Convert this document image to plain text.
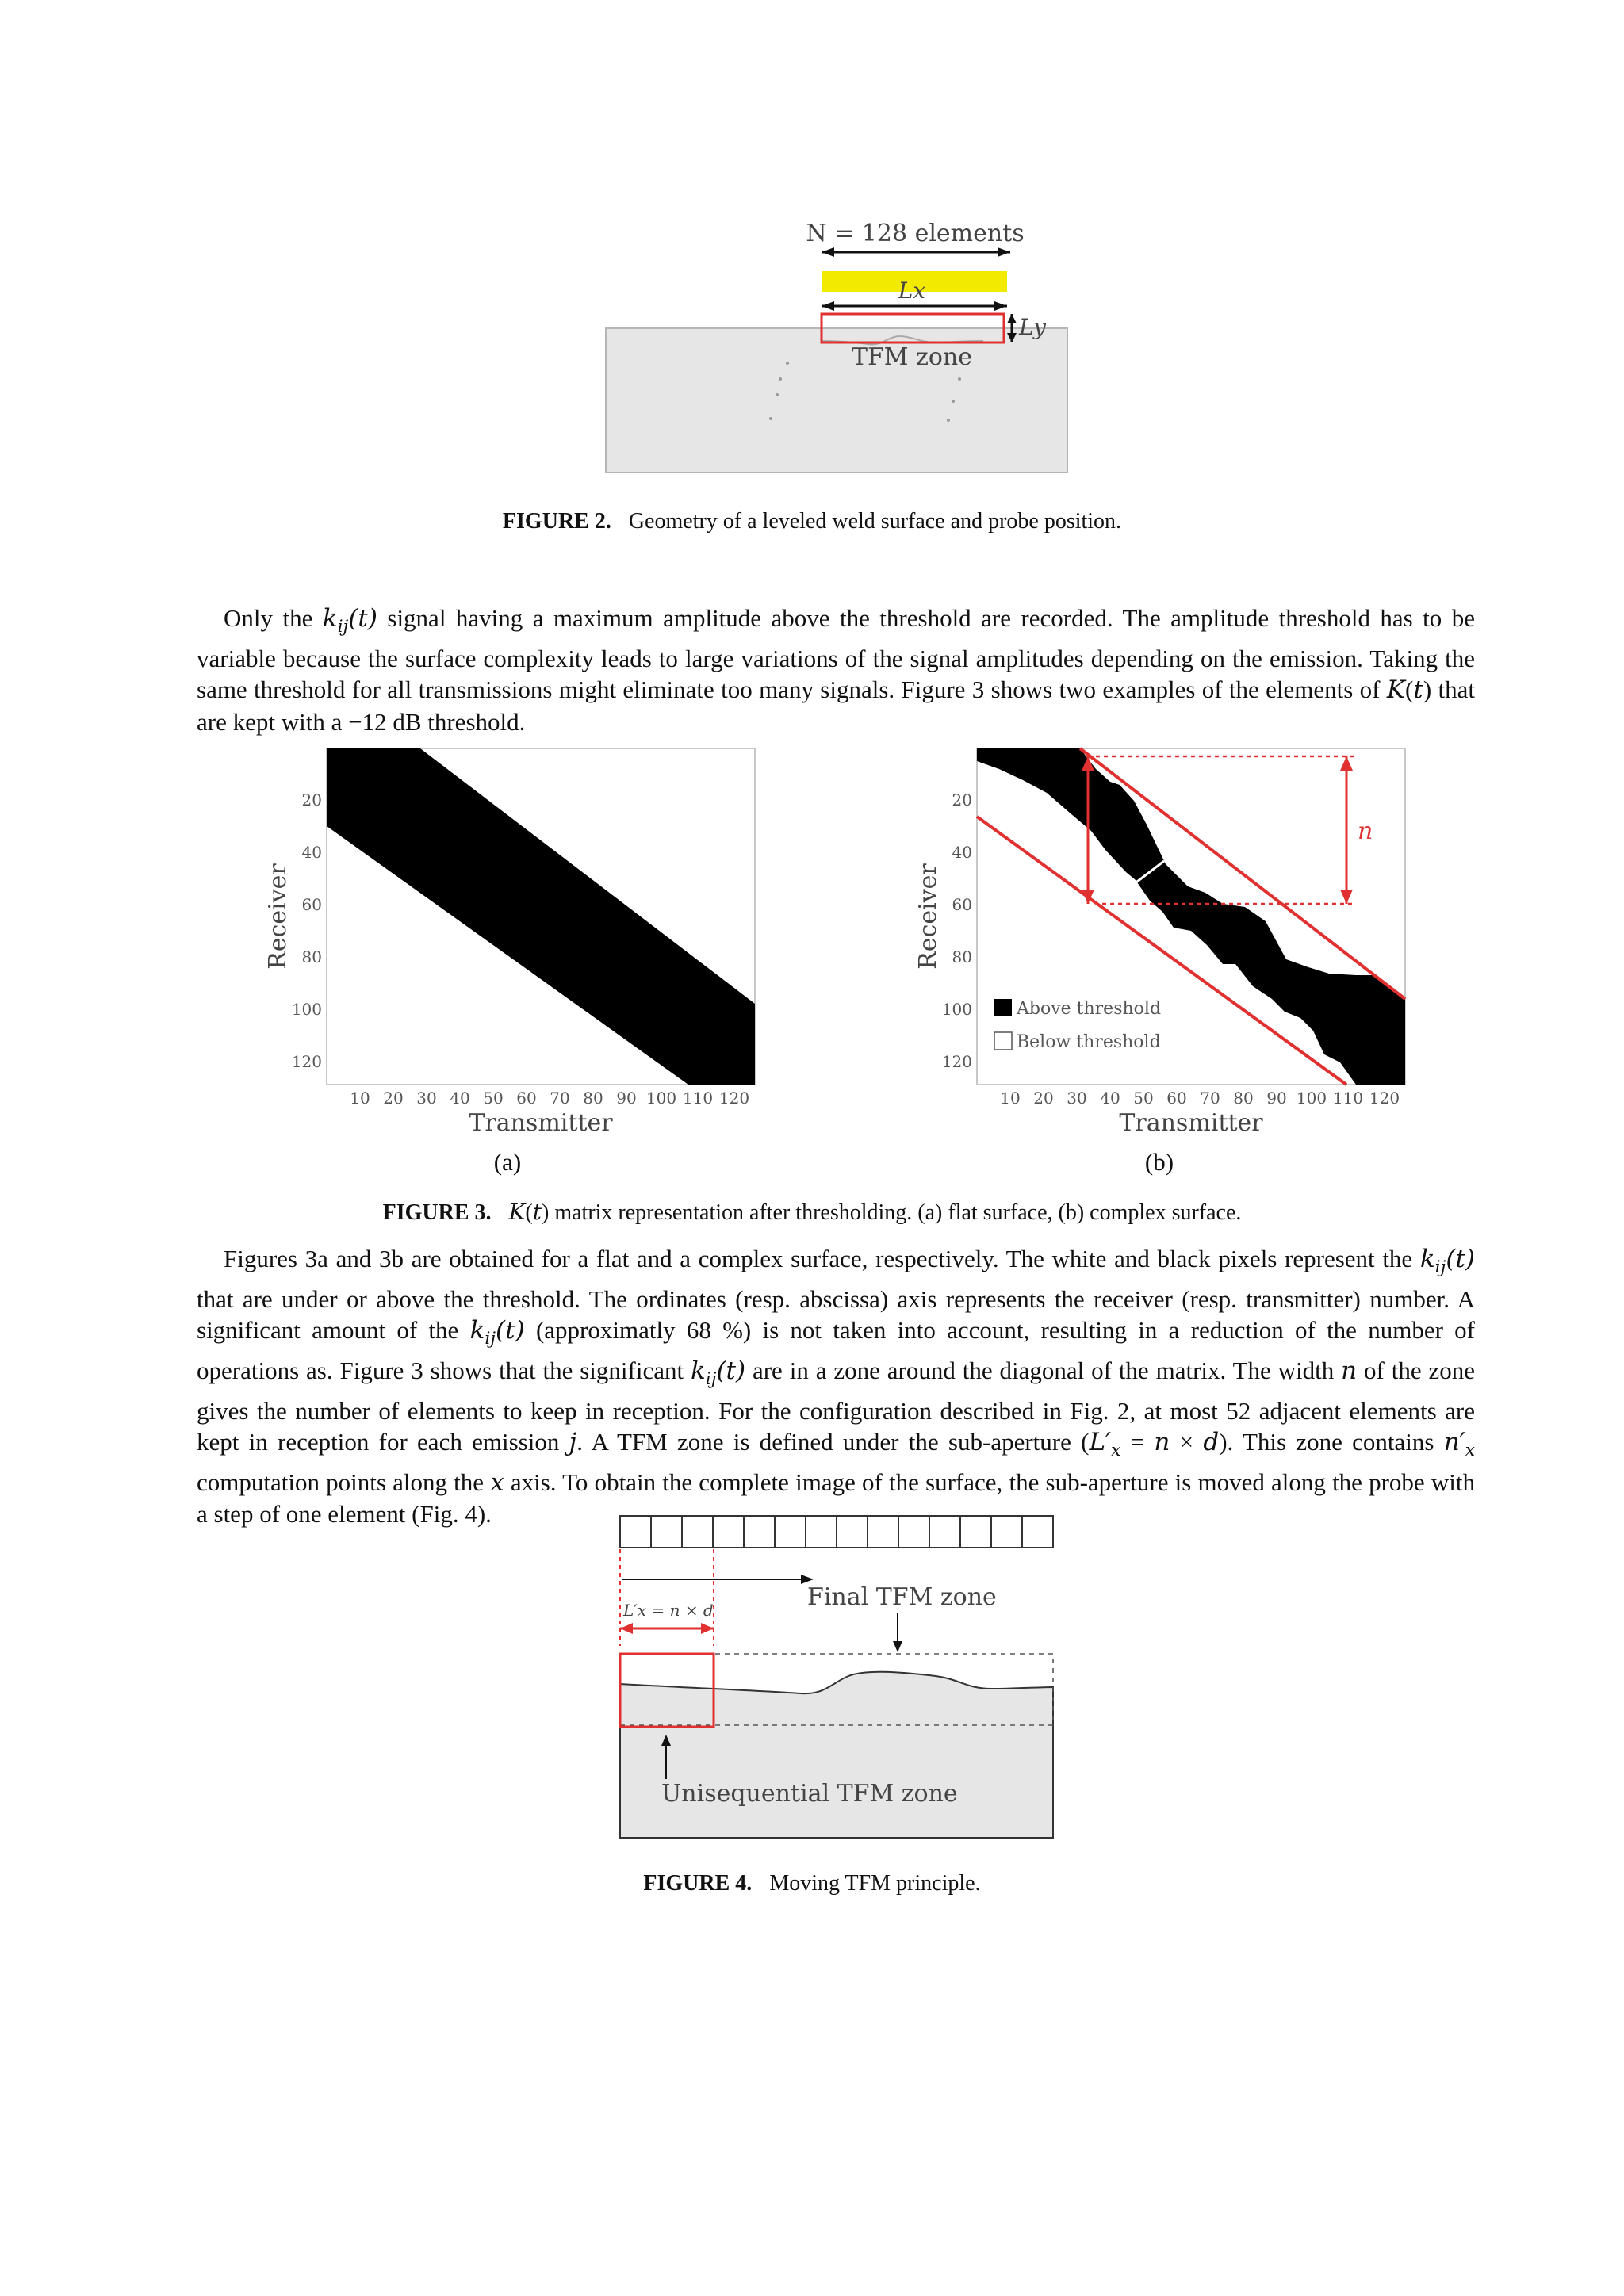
N = 128 elements
Lx
Ly
TFM zone
FIGURE 2. Geometry of a leveled weld surface and probe position.

Only the $k_{ij}(t)$ signal having a maximum amplitude above the threshold are recorded. The amplitude threshold has to be variable because the surface complexity leads to large variations of the signal amplitudes depending on the emission. Taking the same threshold for all transmissions might eliminate too many signals. Figure 3 shows two examples of the elements of K(t) that are kept with a −12 dB threshold.

20
40
60
80
100
120
10 20 30 40 50 60 70 80 90 100 110 120
Transmitter
Receiver
n
Above threshold
Below threshold
20
40
60
80
100
120
10 20 30 40 50 60 70 80 90 100 110 120
Transmitter
Receiver
(a)	(b)
FIGURE 3. K(t) matrix representation after thresholding. (a) flat surface, (b) complex surface.

Figures 3a and 3b are obtained for a flat and a complex surface, respectively. The white and black pixels represent the $k_{ij}(t)$ that are under or above the threshold. The ordinates (resp. abscissa) axis represents the receiver (resp. transmitter) number. A significant amount of the $k_{ij}(t)$ (approximatly 68 %) is not taken into account, resulting in a reduction of the number of operations as. Figure 3 shows that the significant $k_{ij}(t)$ are in a zone around the diagonal of the matrix. The width n of the zone gives the number of elements to keep in reception. For the configuration described in Fig. 2, at most 52 adjacent elements are kept in reception for each emission j. A TFM zone is defined under the sub-aperture $(L'_x = n \times d)$. This zone contains $n'_x$ computation points along the x axis. To obtain the complete image of the surface, the sub-aperture is moved along the probe with a step of one element (Fig. 4).

L′x = n × d	Final TFM zone
Unisequential TFM zone
FIGURE 4. Moving TFM principle.
